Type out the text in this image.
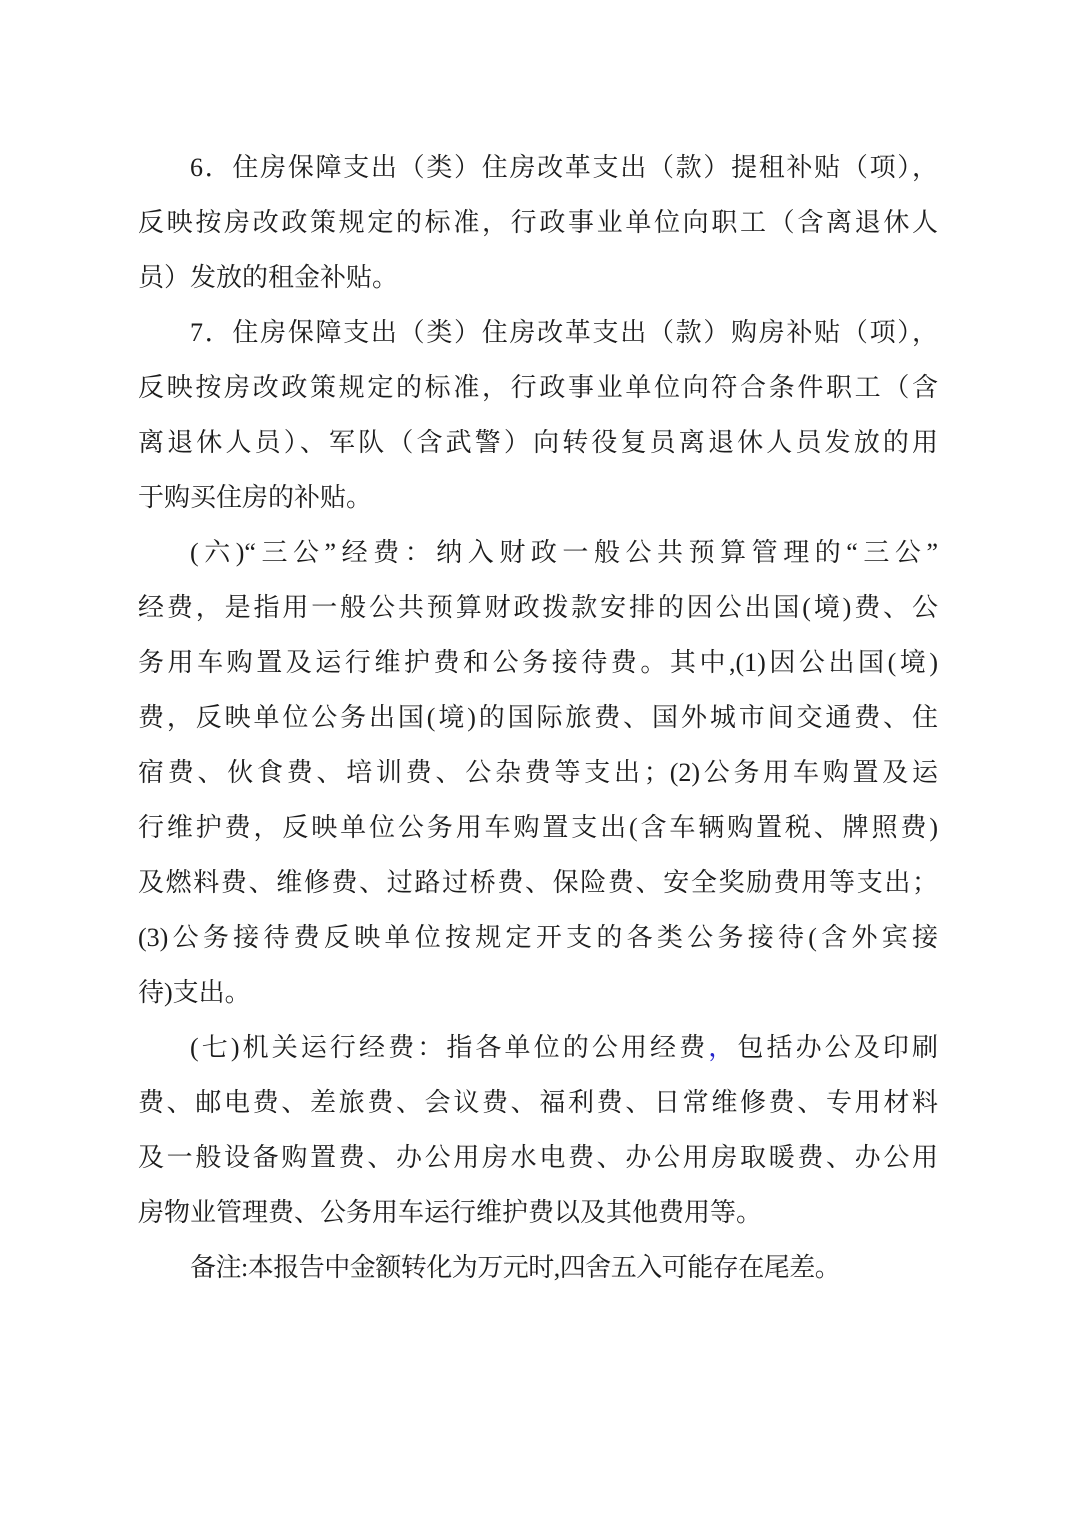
6．住房保障支出（类）住房改革支出（款）提租补贴（项），
反映按房改政策规定的标准，行政事业单位向职工（含离退休人
员）发放的租金补贴。
7．住房保障支出（类）住房改革支出（款）购房补贴（项），
反映按房改政策规定的标准，行政事业单位向符合条件职工（含
离退休人员）、军队（含武警）向转役复员离退休人员发放的用
于购买住房的补贴。
(六)“三公”经费：纳入财政一般公共预算管理的“三公”
经费，是指用一般公共预算财政拨款安排的因公出国(境)费、公
务用车购置及运行维护费和公务接待费。其中,(1)因公出国(境)
费，反映单位公务出国(境)的国际旅费、国外城市间交通费、住
宿费、伙食费、培训费、公杂费等支出；(2)公务用车购置及运
行维护费，反映单位公务用车购置支出(含车辆购置税、牌照费)
及燃料费、维修费、过路过桥费、保险费、安全奖励费用等支出；
(3)公务接待费反映单位按规定开支的各类公务接待(含外宾接
待)支出。
(七)机关运行经费：指各单位的公用经费，包括办公及印刷
费、邮电费、差旅费、会议费、福利费、日常维修费、专用材料
及一般设备购置费、办公用房水电费、办公用房取暖费、办公用
房物业管理费、公务用车运行维护费以及其他费用等。
备注:本报告中金额转化为万元时,四舍五入可能存在尾差。
